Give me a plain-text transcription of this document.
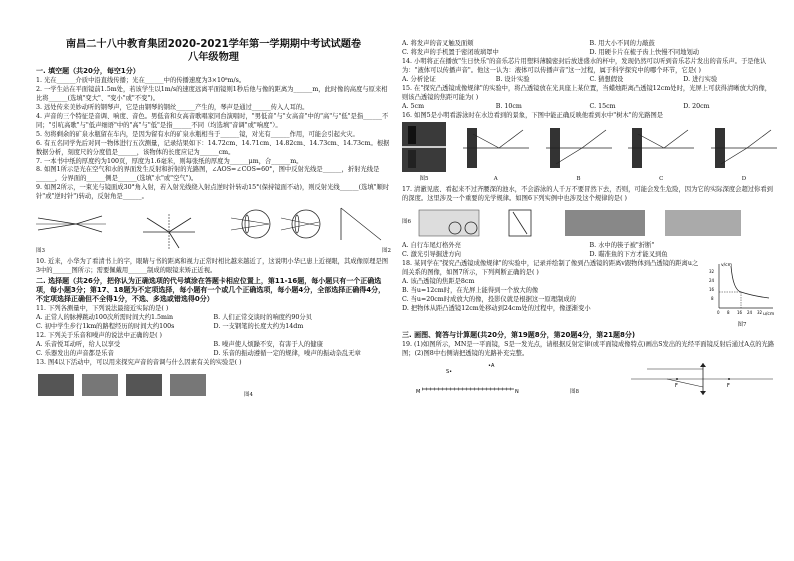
南昌二十八中教育集团2020-2021学年第一学期期中考试试题卷
八年级物理
一. 填空题（共20分，每空1分）

1. 光在______介质中沿直线传播；光在______中的传播速度为3×10⁸m/s。

2. 一学生站在平面镜前1.5m处，若该学生以1m/s的速度远离平面镜则1秒后他与像的距离为______m，此时像的高度与原来相比将______(选填"变大"、"变小"或"不变")。

3. 远处传来美妙动听的钢琴声，它是由钢琴的钢丝______产生的，琴声是通过______传入人耳的。

4. 声音的三个特征是音调、响度、音色。男低音和女高音歌唱家同台演唱时，"男低音"与"女高音"中的"高"与"低"是指______不同；"引吭高歌"与"低声细语"中的"高"与"低"是指______不同（均选填"音调"或"响度"）。

5. 勿将剩余的矿泉水瓶留在车内，是因为留有水的矿泉水瓶相当于______镜，对光有______作用，可能会引起火灾。

6. 有五名同学先后对同一物体进行五次测量，记录结果如下：14.72cm、14.71cm、14.82cm、14.73cm、14.73cm。根据数据分析，刻度尺的分度值是______，该物体的长度应记为______cm。

7. 一本书中纸的厚度约为100页，厚度为1.6毫米，则每张纸的厚度为______μm，合______m。

8. 如图1所示是光在空气和水的界面发生反射和折射的光路图，∠AOS=∠COS=60°，图中反射光线是______，折射光线是______，分界面的______侧是______(选填"水"或"空气")。

9. 如图2所示，一束光与镜面成30°角入射，若入射光线绕入射点逆时针转动15°(保持镜面不动)，则反射光线______(选填"顺时针"或"逆时针")转动，反射角是______。

图3	图2

10. 近来，小华为了看清书上的字，眼睛与书的距离和视力正常时相比越来越近了，这说明小华已患上近视眼，其成像原理是图3中的______图所示；需要佩戴用______制成的眼镜来矫正近视。

二. 选择题（共26分，把你认为正确选项的代号填涂在答题卡相应位置上，第11-16题，每小题只有一个正确选项，每小题3分；第17、18题为不定项选择，每小题有一个或几个正确选项，每小题4分，全部选择正确得4分，不定项选择正确但不全得1分，不选、多选或错选得0分）

11. 下列各测量中，下列说法最接近实际的是( )

A. 正常人的脉搏跳动100次所需时间大约1.5min	B. 人们正常交谈时的响度约90分贝
C. 初中学生步行1km的路程经历的时间大约100s	D. 一支钢笔的长度大约为14dm

12. 下列关于乐音和噪声的说法中正确的是( )

A. 乐音悦耳动听，给人以享受	B. 噪声使人烦躁不安，有害于人的健康
C. 乐器发出的声音都是乐音	D. 乐音的振动遵循一定的规律，噪声的振动杂乱无章

13. 图4以下活动中，可以用来探究声音的音调与什么因素有关的实验是( )

图4
A. 将发声的音叉触及面颊	B. 用大小不同的力敲鼓
C. 将发声的手机置于密闭玻璃罩中	D. 用硬卡片在梳子齿上快慢不同地划动

14. 小明将正在播放"生日快乐"的音乐芯片用塑料薄膜密封后放进盛水的杯中，发现仍然可以听到音乐芯片发出的音乐声。于是他认为："液体可以传播声音"。他这一认为：液体可以传播声音"这一过程，属于科学探究中的哪个环节，它是( )

A. 分析论证	B. 设计实验	C. 猜想假设	D. 进行实验

15. 在"探究凸透镜成像规律"的实验中，将凸透镜放在光具座上某位置，当蜡烛距离凸透镜12cm处时，光屏上可获得清晰放大的像，则该凸透镜的焦距可能为( )

A. 5cm	B. 10cm	C. 15cm	D. 20cm

16. 如图5是小明看游泳时在水边看到的景象，下图中能正确反映他看到水中"树木"的光路图是

图5	A	B	C	D

17. 清澈见底、看起来不过齐腰深的池水，不会游泳的人千万不要冒然下去，否则，可能会发生危险，因为它的实际深度会超过你看到的深度。这里涉及一个重要的光学规律。如图6下列实例中也涉及这个规律的是( )

图6
A. 自行车尾灯格外亮	B. 水中的筷子被"折断"
C. 激光引导掘进方向	D. 瞄准鱼的下方才能叉到鱼

18. 某同学在"探究凸透镜成像规律"的实验中，记录并绘制了像到凸透镜的距离v跟物体到凸透镜的距离u之间关系的图像，如图7所示，下列判断正确的是( )

A. 该凸透镜的焦距是8cm

B. 当u=12cm时，在光屏上能得到一个放大的像

C. 当u=20cm时成放大的像，投影仪就是根据这一原理制成的

D. 把物体从距凸透镜12cm处移动到24cm处的过程中，像逐渐变小

v/cm
u/cm
32
24
16
8
0 8 16 24 32
图7
三. 画图、简答与计算题(共20分，第19题8分，第20题4分，第21题8分)

19. (1)如图所示，MN是一平面镜，S是一发光点，请根据反射定律(或平面镜成像特点)画出S发出的光经平面镜反射后通过A点的光路图；(2)图8中右侧请把透镜的光路补充完整。

S•
•A
M	N	图8
F	F
